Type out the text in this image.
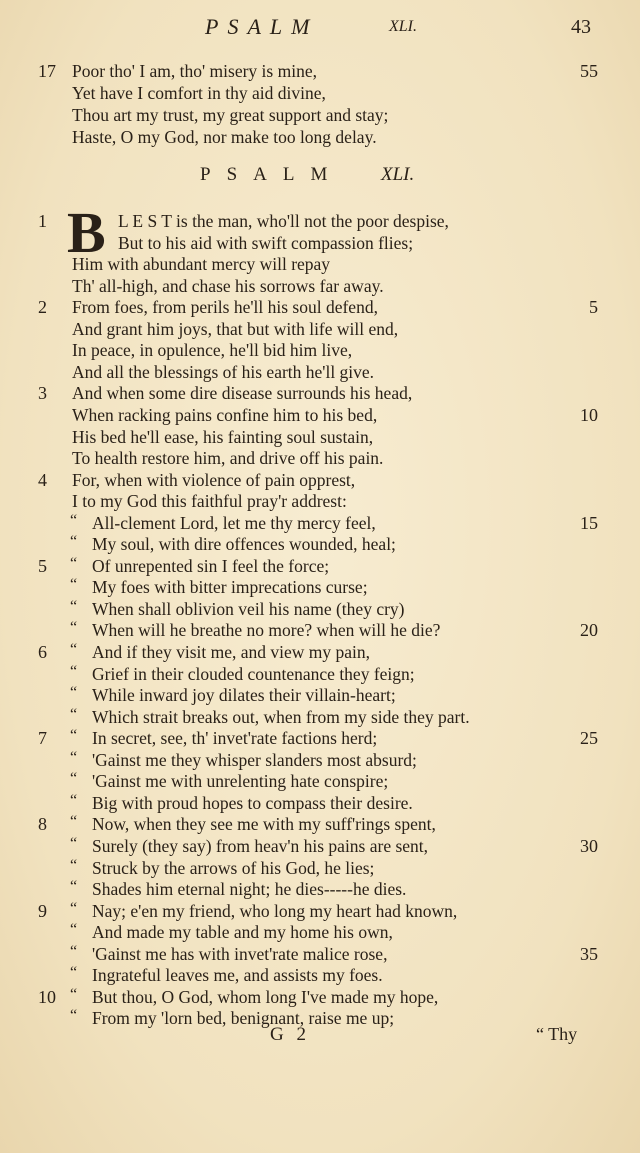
PSALM	XLI.	43
17 Poor tho' I am, tho' misery is mine,	55
Yet have I comfort in thy aid divine,
Thou art my trust, my great support and stay;
Haste, O my God, nor make too long delay.
PSALM XLI.
B
1	L E S T is the man, who'll not the poor despise,
But to his aid with swift compassion flies;
Him with abundant mercy will repay
Th' all-high, and chase his sorrows far away.
2	From foes, from perils he'll his soul defend,	5
And grant him joys, that but with life will end,
In peace, in opulence, he'll bid him live,
And all the blessings of his earth he'll give.
3	And when some dire disease surrounds his head,
When racking pains confine him to his bed,	10
His bed he'll ease, his fainting soul sustain,
To health restore him, and drive off his pain.
4	For, when with violence of pain opprest,
I to my God this faithful pray'r addrest:
“ All-clement Lord, let me thy mercy feel,	15
“ My soul, with dire offences wounded, heal;
5	“ Of unrepented sin I feel the force;
“ My foes with bitter imprecations curse;
“ When shall oblivion veil his name (they cry)
“ When will he breathe no more? when will he die?	20
6	“ And if they visit me, and view my pain,
“ Grief in their clouded countenance they feign;
“ While inward joy dilates their villain-heart;
“ Which strait breaks out, when from my side they part.
7	“ In secret, see, th' invet'rate factions herd;	25
“ 'Gainst me they whisper slanders most absurd;
“ 'Gainst me with unrelenting hate conspire;
“ Big with proud hopes to compass their desire.
8	“ Now, when they see me with my suff'rings spent,
“ Surely (they say) from heav'n his pains are sent,	30
“ Struck by the arrows of his God, he lies;
“ Shades him eternal night; he dies-----he dies.
9	“ Nay; e'en my friend, who long my heart had known,
“ And made my table and my home his own,
“ 'Gainst me has with invet'rate malice rose,	35
“ Ingrateful leaves me, and assists my foes.
10 “ But thou, O God, whom long I've made my hope,
“ From my 'lorn bed, benignant, raise me up;
G 2	“ Thy
